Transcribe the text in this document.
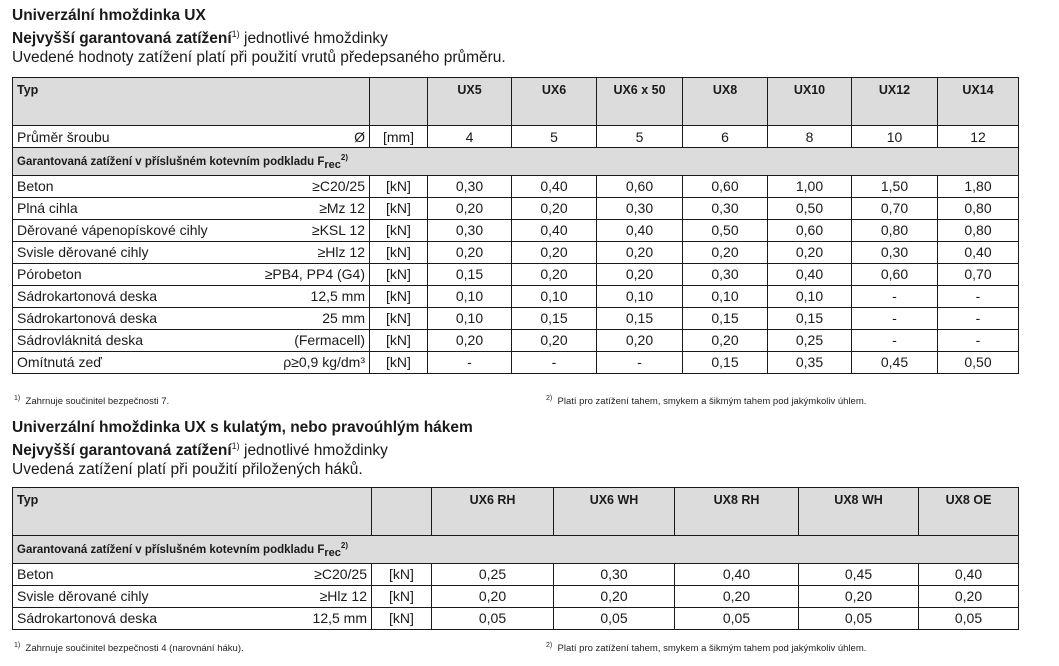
Univerzální hmoždinka UX
Nejvyšší garantovaná zatížení$^{1)}$ jednotlivé hmoždinky
Uvedené hodnoty zatížení platí při použití vrutů předepsaného průměru.
Typ		UX5	UX6	UX6 x 50	UX8	UX10	UX12	UX14

Průměr šroubu Ø	[mm]	4	5	5	6	8	10	12
Garantovaná zatížení v příslušném kotevním podkladu $F_{rec}^{2)}$

Beton ≥C20/25	[kN]	0,30	0,40	0,60	0,60	1,00	1,50	1,80

Plná cihla ≥Mz 12	[kN]	0,20	0,20	0,30	0,30	0,50	0,70	0,80

Děrované vápenopískové cihly ≥KSL 12	[kN]	0,30	0,40	0,40	0,50	0,60	0,80	0,80

Svisle děrované cihly ≥Hlz 12	[kN]	0,20	0,20	0,20	0,20	0,20	0,30	0,40

Pórobeton ≥PB4, PP4 (G4)	[kN]	0,15	0,20	0,20	0,30	0,40	0,60	0,70

Sádrokartonová deska 12,5 mm	[kN]	0,10	0,10	0,10	0,10	0,10	-	-

Sádrokartonová deska 25 mm	[kN]	0,10	0,15	0,15	0,15	0,15	-	-

Sádrovláknitá deska (Fermacell)	[kN]	0,20	0,20	0,20	0,20	0,25	-	-

Omítnutá zeď ρ≥0,9 kg/dm³	[kN]	-	-	-	0,15	0,35	0,45	0,50
$^{1)}$ Zahrnuje součinitel bezpečnosti 7.	$^{2)}$ Platí pro zatížení tahem, smykem a šikmým tahem pod jakýmkoliv úhlem.
Univerzální hmoždinka UX s kulatým, nebo pravoúhlým hákem
Nejvyšší garantovaná zatížení$^{1)}$ jednotlivé hmoždinky
Uvedená zatížení platí při použití přiložených háků.
Typ		UX6 RH	UX6 WH	UX8 RH	UX8 WH	UX8 OE
Garantovaná zatížení v příslušném kotevním podkladu $F_{rec}^{2)}$

Beton ≥C20/25	[kN]	0,25	0,30	0,40	0,45	0,40

Svisle děrované cihly ≥Hlz 12	[kN]	0,20	0,20	0,20	0,20	0,20

Sádrokartonová deska 12,5 mm	[kN]	0,05	0,05	0,05	0,05	0,05
$^{1)}$ Zahrnuje součinitel bezpečnosti 4 (narovnání háku).	$^{2)}$ Platí pro zatížení tahem, smykem a šikmým tahem pod jakýmkoliv úhlem.
